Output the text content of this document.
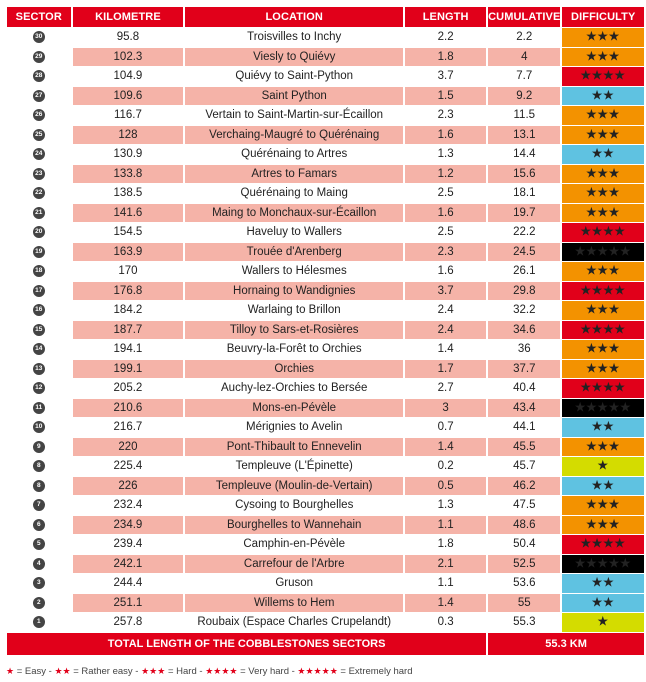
SECTOR	KILOMETRE	LOCATION	LENGTH	CUMULATIVE	DIFFICULTY
30	95.8	Troisvilles to Inchy	2.2	2.2	★★★
29	102.3	Viesly to Quiévy	1.8	4	★★★
28	104.9	Quiévy to Saint-Python	3.7	7.7	★★★★
27	109.6	Saint Python	1.5	9.2	★★
26	116.7	Vertain to Saint-Martin-sur-Écaillon	2.3	11.5	★★★
25	128	Verchaing-Maugré to Quérénaing	1.6	13.1	★★★
24	130.9	Quérénaing to Artres	1.3	14.4	★★
23	133.8	Artres to Famars	1.2	15.6	★★★
22	138.5	Quérénaing to Maing	2.5	18.1	★★★
21	141.6	Maing to Monchaux-sur-Écaillon	1.6	19.7	★★★
20	154.5	Haveluy to Wallers	2.5	22.2	★★★★
19	163.9	Trouée d'Arenberg	2.3	24.5	★★★★★
18	170	Wallers to Hélesmes	1.6	26.1	★★★
17	176.8	Hornaing to Wandignies	3.7	29.8	★★★★
16	184.2	Warlaing to Brillon	2.4	32.2	★★★
15	187.7	Tilloy to Sars-et-Rosières	2.4	34.6	★★★★
14	194.1	Beuvry-la-Forêt to Orchies	1.4	36	★★★
13	199.1	Orchies	1.7	37.7	★★★
12	205.2	Auchy-lez-Orchies to Bersée	2.7	40.4	★★★★
11	210.6	Mons-en-Pévèle	3	43.4	★★★★★
10	216.7	Mérignies to Avelin	0.7	44.1	★★
9	220	Pont-Thibault to Ennevelin	1.4	45.5	★★★
8	225.4	Templeuve (L'Épinette)	0.2	45.7	★
8	226	Templeuve (Moulin-de-Vertain)	0.5	46.2	★★
7	232.4	Cysoing to Bourghelles	1.3	47.5	★★★
6	234.9	Bourghelles to Wannehain	1.1	48.6	★★★
5	239.4	Camphin-en-Pévèle	1.8	50.4	★★★★
4	242.1	Carrefour de l'Arbre	2.1	52.5	★★★★★
3	244.4	Gruson	1.1	53.6	★★
2	251.1	Willems to Hem	1.4	55	★★
1	257.8	Roubaix (Espace Charles Crupelandt)	0.3	55.3	★
TOTAL LENGTH OF THE COBBLESTONES SECTORS				55.3 KM	
★ = Easy - ★★ = Rather easy - ★★★ = Hard - ★★★★ = Very hard - ★★★★★ = Extremely hard
